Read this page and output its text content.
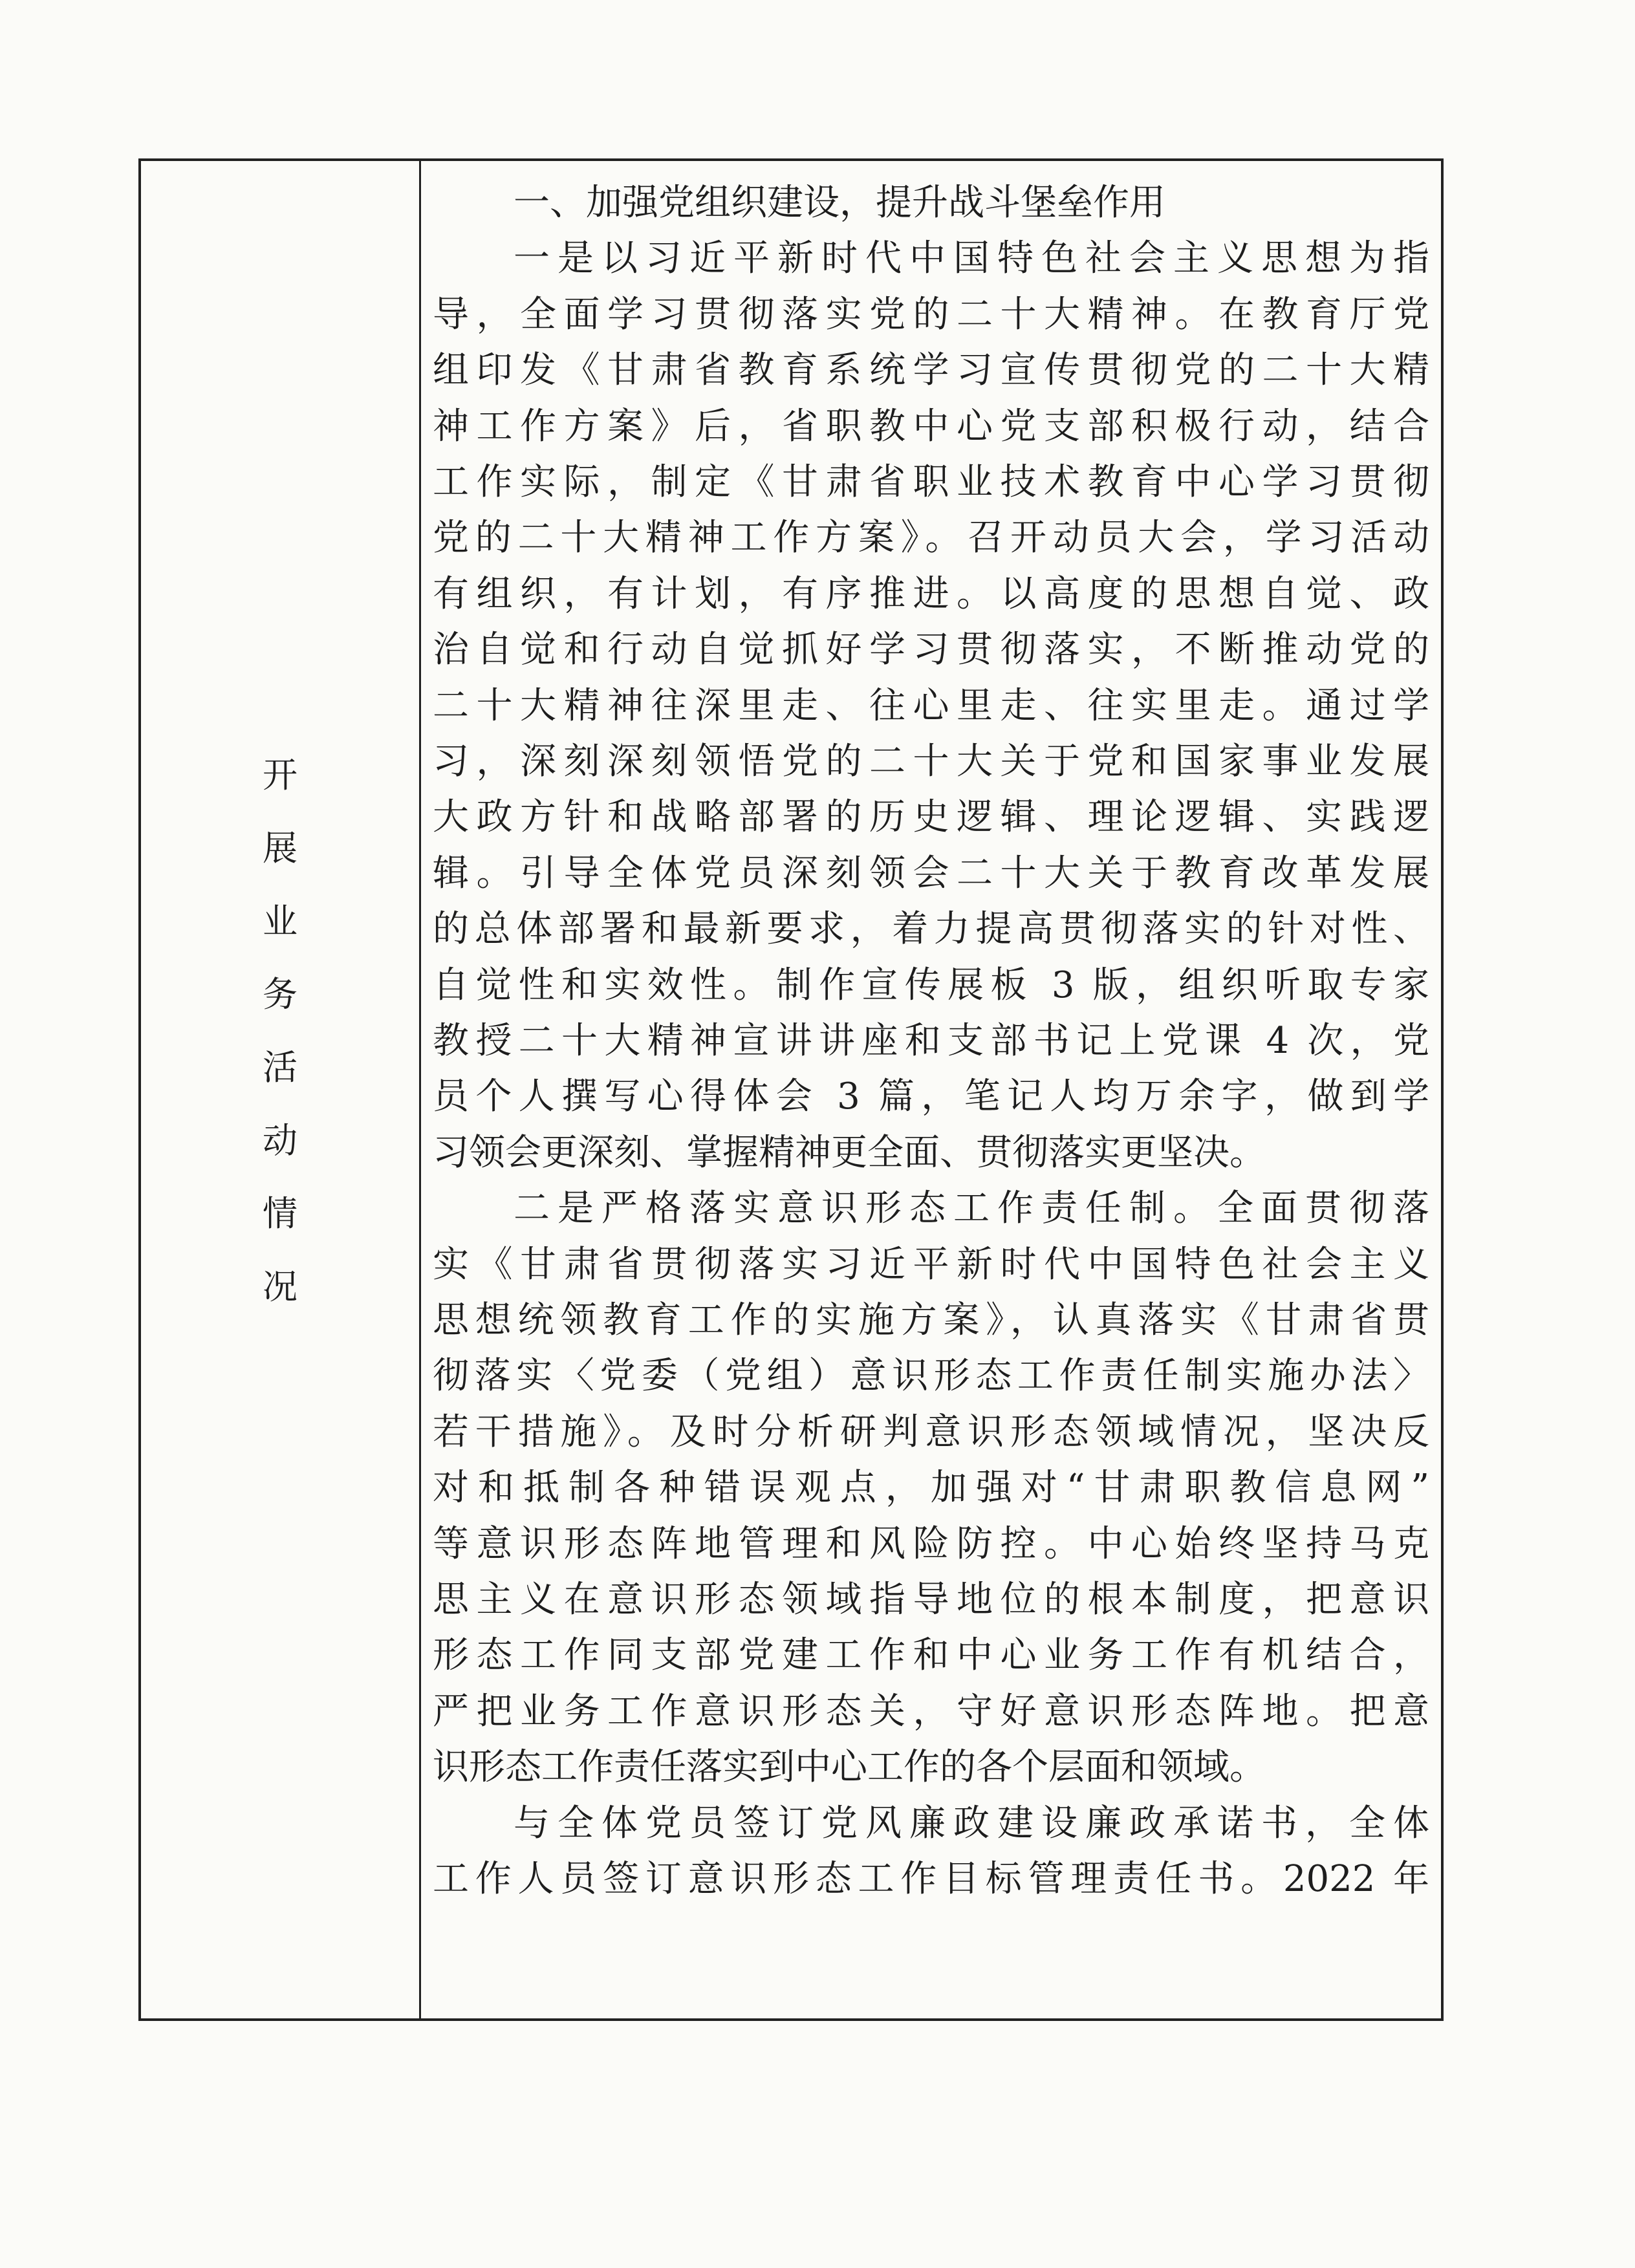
开
展
业
务
活
动
情
况
一、加强党组织建设，提升战斗堡垒作用
一是以习近平新时代中国特色社会主义思想为指
导，全面学习贯彻落实党的二十大精神。在教育厅党
组印发《甘肃省教育系统学习宣传贯彻党的二十大精
神工作方案》后，省职教中心党支部积极行动，结合
工作实际，制定《甘肃省职业技术教育中心学习贯彻
党的二十大精神工作方案》。召开动员大会，学习活动
有组织，有计划，有序推进。以高度的思想自觉、政
治自觉和行动自觉抓好学习贯彻落实，不断推动党的
二十大精神往深里走、往心里走、往实里走。通过学
习，深刻深刻领悟党的二十大关于党和国家事业发展
大政方针和战略部署的历史逻辑、理论逻辑、实践逻
辑。引导全体党员深刻领会二十大关于教育改革发展
的总体部署和最新要求，着力提高贯彻落实的针对性、
自觉性和实效性。制作宣传展板 3 版，组织听取专家
教授二十大精神宣讲讲座和支部书记上党课 4 次，党
员个人撰写心得体会 3 篇，笔记人均万余字，做到学
习领会更深刻、掌握精神更全面、贯彻落实更坚决。
二是严格落实意识形态工作责任制。全面贯彻落
实《甘肃省贯彻落实习近平新时代中国特色社会主义
思想统领教育工作的实施方案》，认真落实《甘肃省贯
彻落实〈党委（党组）意识形态工作责任制实施办法〉
若干措施》。及时分析研判意识形态领域情况，坚决反
对和抵制各种错误观点，加强对“甘肃职教信息网”
等意识形态阵地管理和风险防控。中心始终坚持马克
思主义在意识形态领域指导地位的根本制度，把意识
形态工作同支部党建工作和中心业务工作有机结合，
严把业务工作意识形态关，守好意识形态阵地。把意
识形态工作责任落实到中心工作的各个层面和领域。
与全体党员签订党风廉政建设廉政承诺书，全体
工作人员签订意识形态工作目标管理责任书。2022 年
